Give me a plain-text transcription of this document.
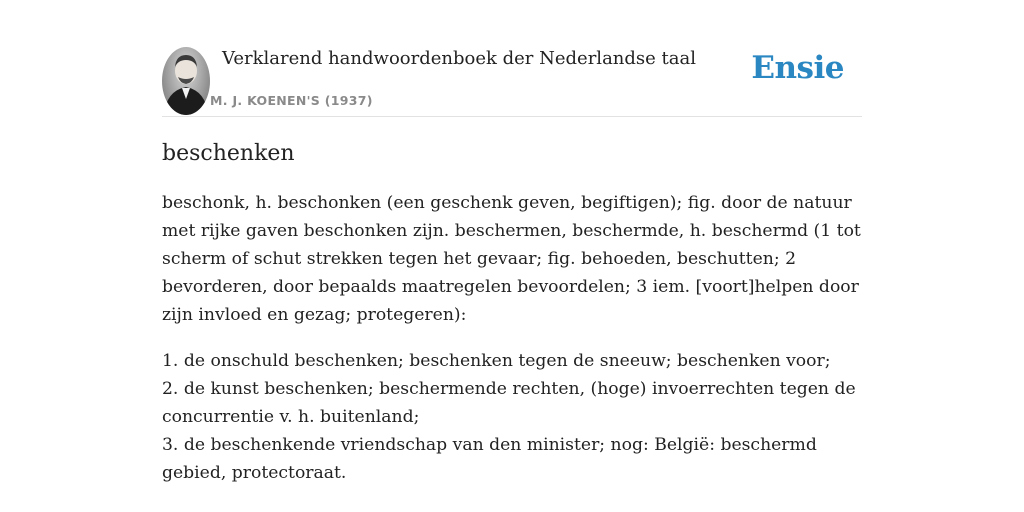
Verklarend handwoordenboek der Nederlandse taal
M. J. KOENEN'S (1937)
Ensie
beschenken

beschonk, h. beschonken (een geschenk geven, begiftigen); fig. door de natuur met rijke gaven beschonken zijn. beschermen, beschermde, h. beschermd (1 tot scherm of schut strekken tegen het gevaar; fig. behoeden, beschutten; 2 bevorderen, door bepaalds maatregelen bevoordelen; 3 iem. [voort]helpen door zijn invloed en gezag; protegeren):

1. de onschuld beschenken; beschenken tegen de sneeuw; beschenken voor;
2. de kunst beschenken; beschermende rechten, (hoge) invoerrechten tegen de concurrentie v. h. buitenland;
3. de beschenkende vriendschap van den minister; nog: België: beschermd gebied, protectoraat.
